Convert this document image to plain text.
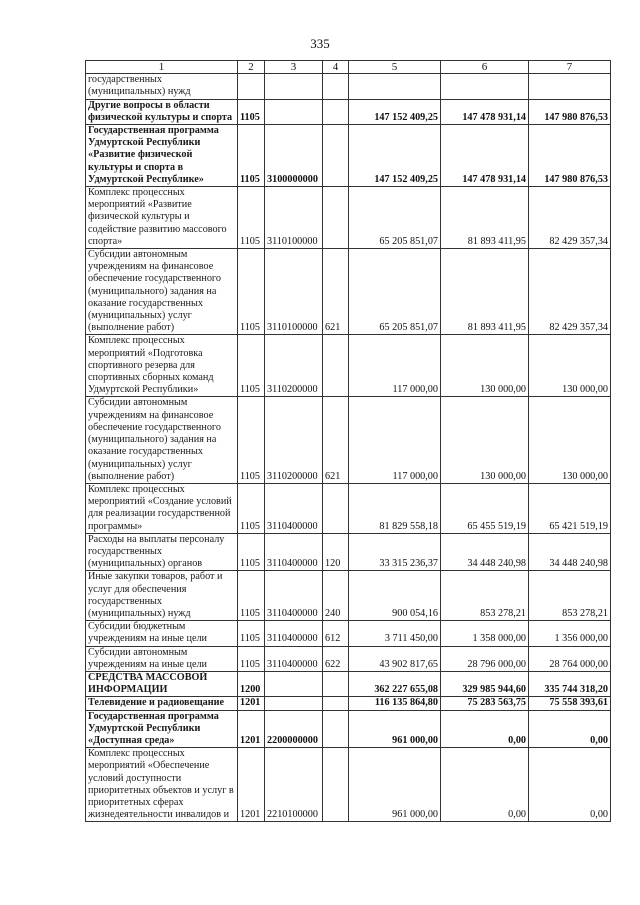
335
1	2	3	4	5	6	7
государственных (муниципальных) нужд						
Другие вопросы в области физической культуры и спорта	1105			147 152 409,25	147 478 931,14	147 980 876,53
Государственная программа Удмуртской Республики «Развитие физической культуры и спорта в Удмуртской Республике»	1105	3100000000		147 152 409,25	147 478 931,14	147 980 876,53
Комплекс процессных мероприятий «Развитие физической культуры и содействие развитию массового спорта»	1105	3110100000		65 205 851,07	81 893 411,95	82 429 357,34
Субсидии автономным учреждениям на финансовое обеспечение государственного (муниципального) задания на оказание государственных (муниципальных) услуг (выполнение работ)	1105	3110100000	621	65 205 851,07	81 893 411,95	82 429 357,34
Комплекс процессных мероприятий «Подготовка спортивного резерва для спортивных сборных команд Удмуртской Республики»	1105	3110200000		117 000,00	130 000,00	130 000,00
Субсидии автономным учреждениям на финансовое обеспечение государственного (муниципального) задания на оказание государственных (муниципальных) услуг (выполнение работ)	1105	3110200000	621	117 000,00	130 000,00	130 000,00
Комплекс процессных мероприятий «Создание условий для реализации государственной программы»	1105	3110400000		81 829 558,18	65 455 519,19	65 421 519,19
Расходы на выплаты персоналу государственных (муниципальных) органов	1105	3110400000	120	33 315 236,37	34 448 240,98	34 448 240,98
Иные закупки товаров, работ и услуг для обеспечения государственных (муниципальных) нужд	1105	3110400000	240	900 054,16	853 278,21	853 278,21
Субсидии бюджетным учреждениям на иные цели	1105	3110400000	612	3 711 450,00	1 358 000,00	1 356 000,00
Субсидии автономным учреждениям на иные цели	1105	3110400000	622	43 902 817,65	28 796 000,00	28 764 000,00
СРЕДСТВА МАССОВОЙ ИНФОРМАЦИИ	1200			362 227 655,08	329 985 944,60	335 744 318,20
Телевидение и радиовещание	1201			116 135 864,80	75 283 563,75	75 558 393,61
Государственная программа Удмуртской Республики «Доступная среда»	1201	2200000000		961 000,00	0,00	0,00
Комплекс процессных мероприятий «Обеспечение условий доступности приоритетных объектов и услуг в приоритетных сферах жизнедеятельности инвалидов и	1201	2210100000		961 000,00	0,00	0,00
